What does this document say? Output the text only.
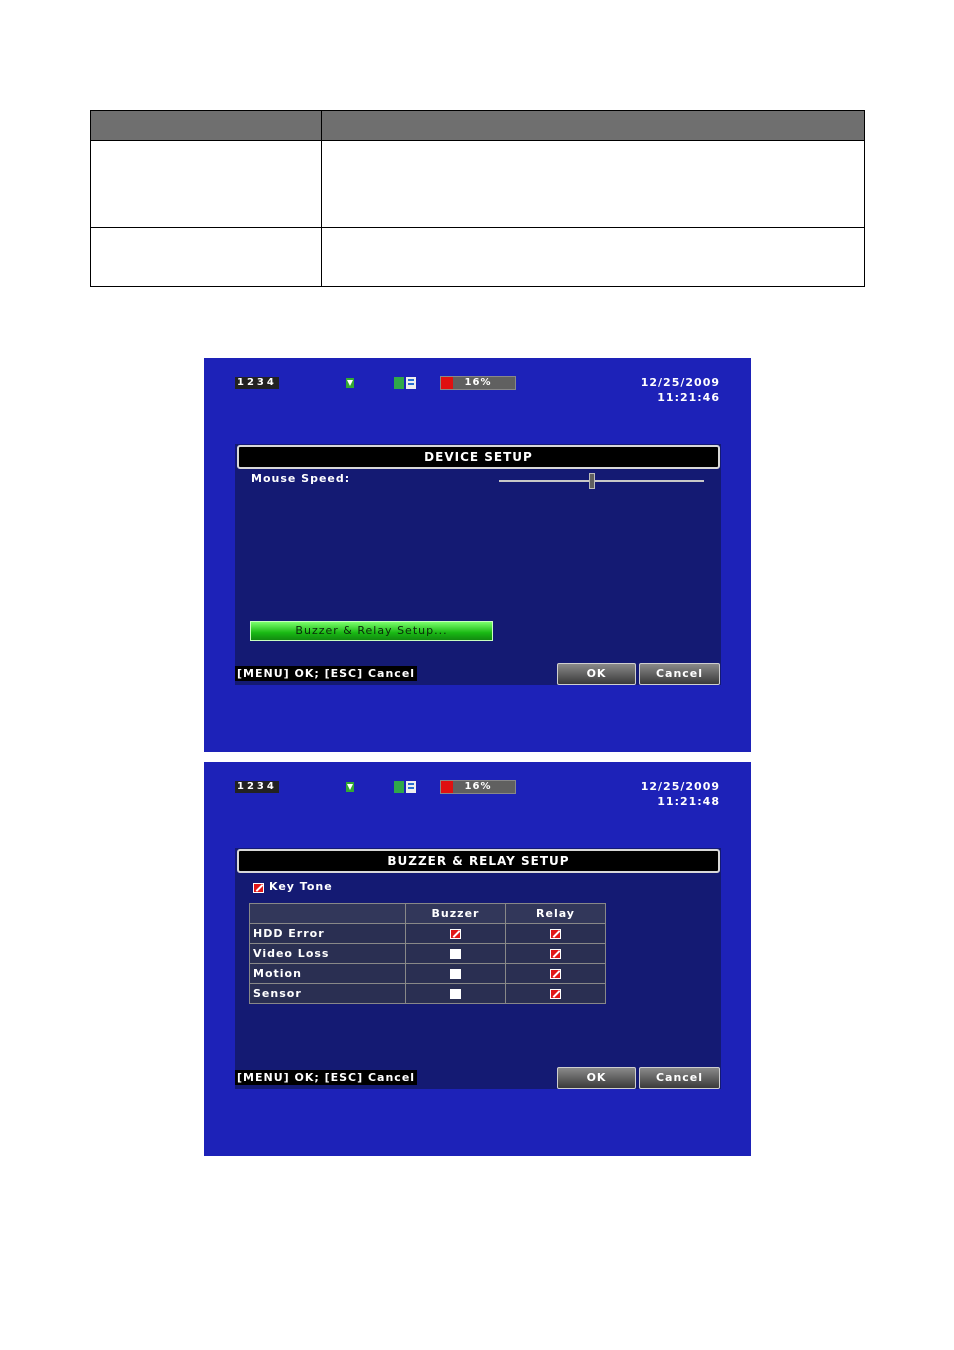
1234	16%	12/25/2009
11:21:46
DEVICE SETUP
Mouse Speed:
Buzzer & Relay Setup...
[MENU] OK; [ESC] Cancel	OK	Cancel
1234	16%	12/25/2009
11:21:48
BUZZER & RELAY SETUP
Key Tone
	Buzzer	Relay
HDD Error	

Video Loss	

Motion	

Sensor	

[MENU] OK; [ESC] Cancel	OK	Cancel
